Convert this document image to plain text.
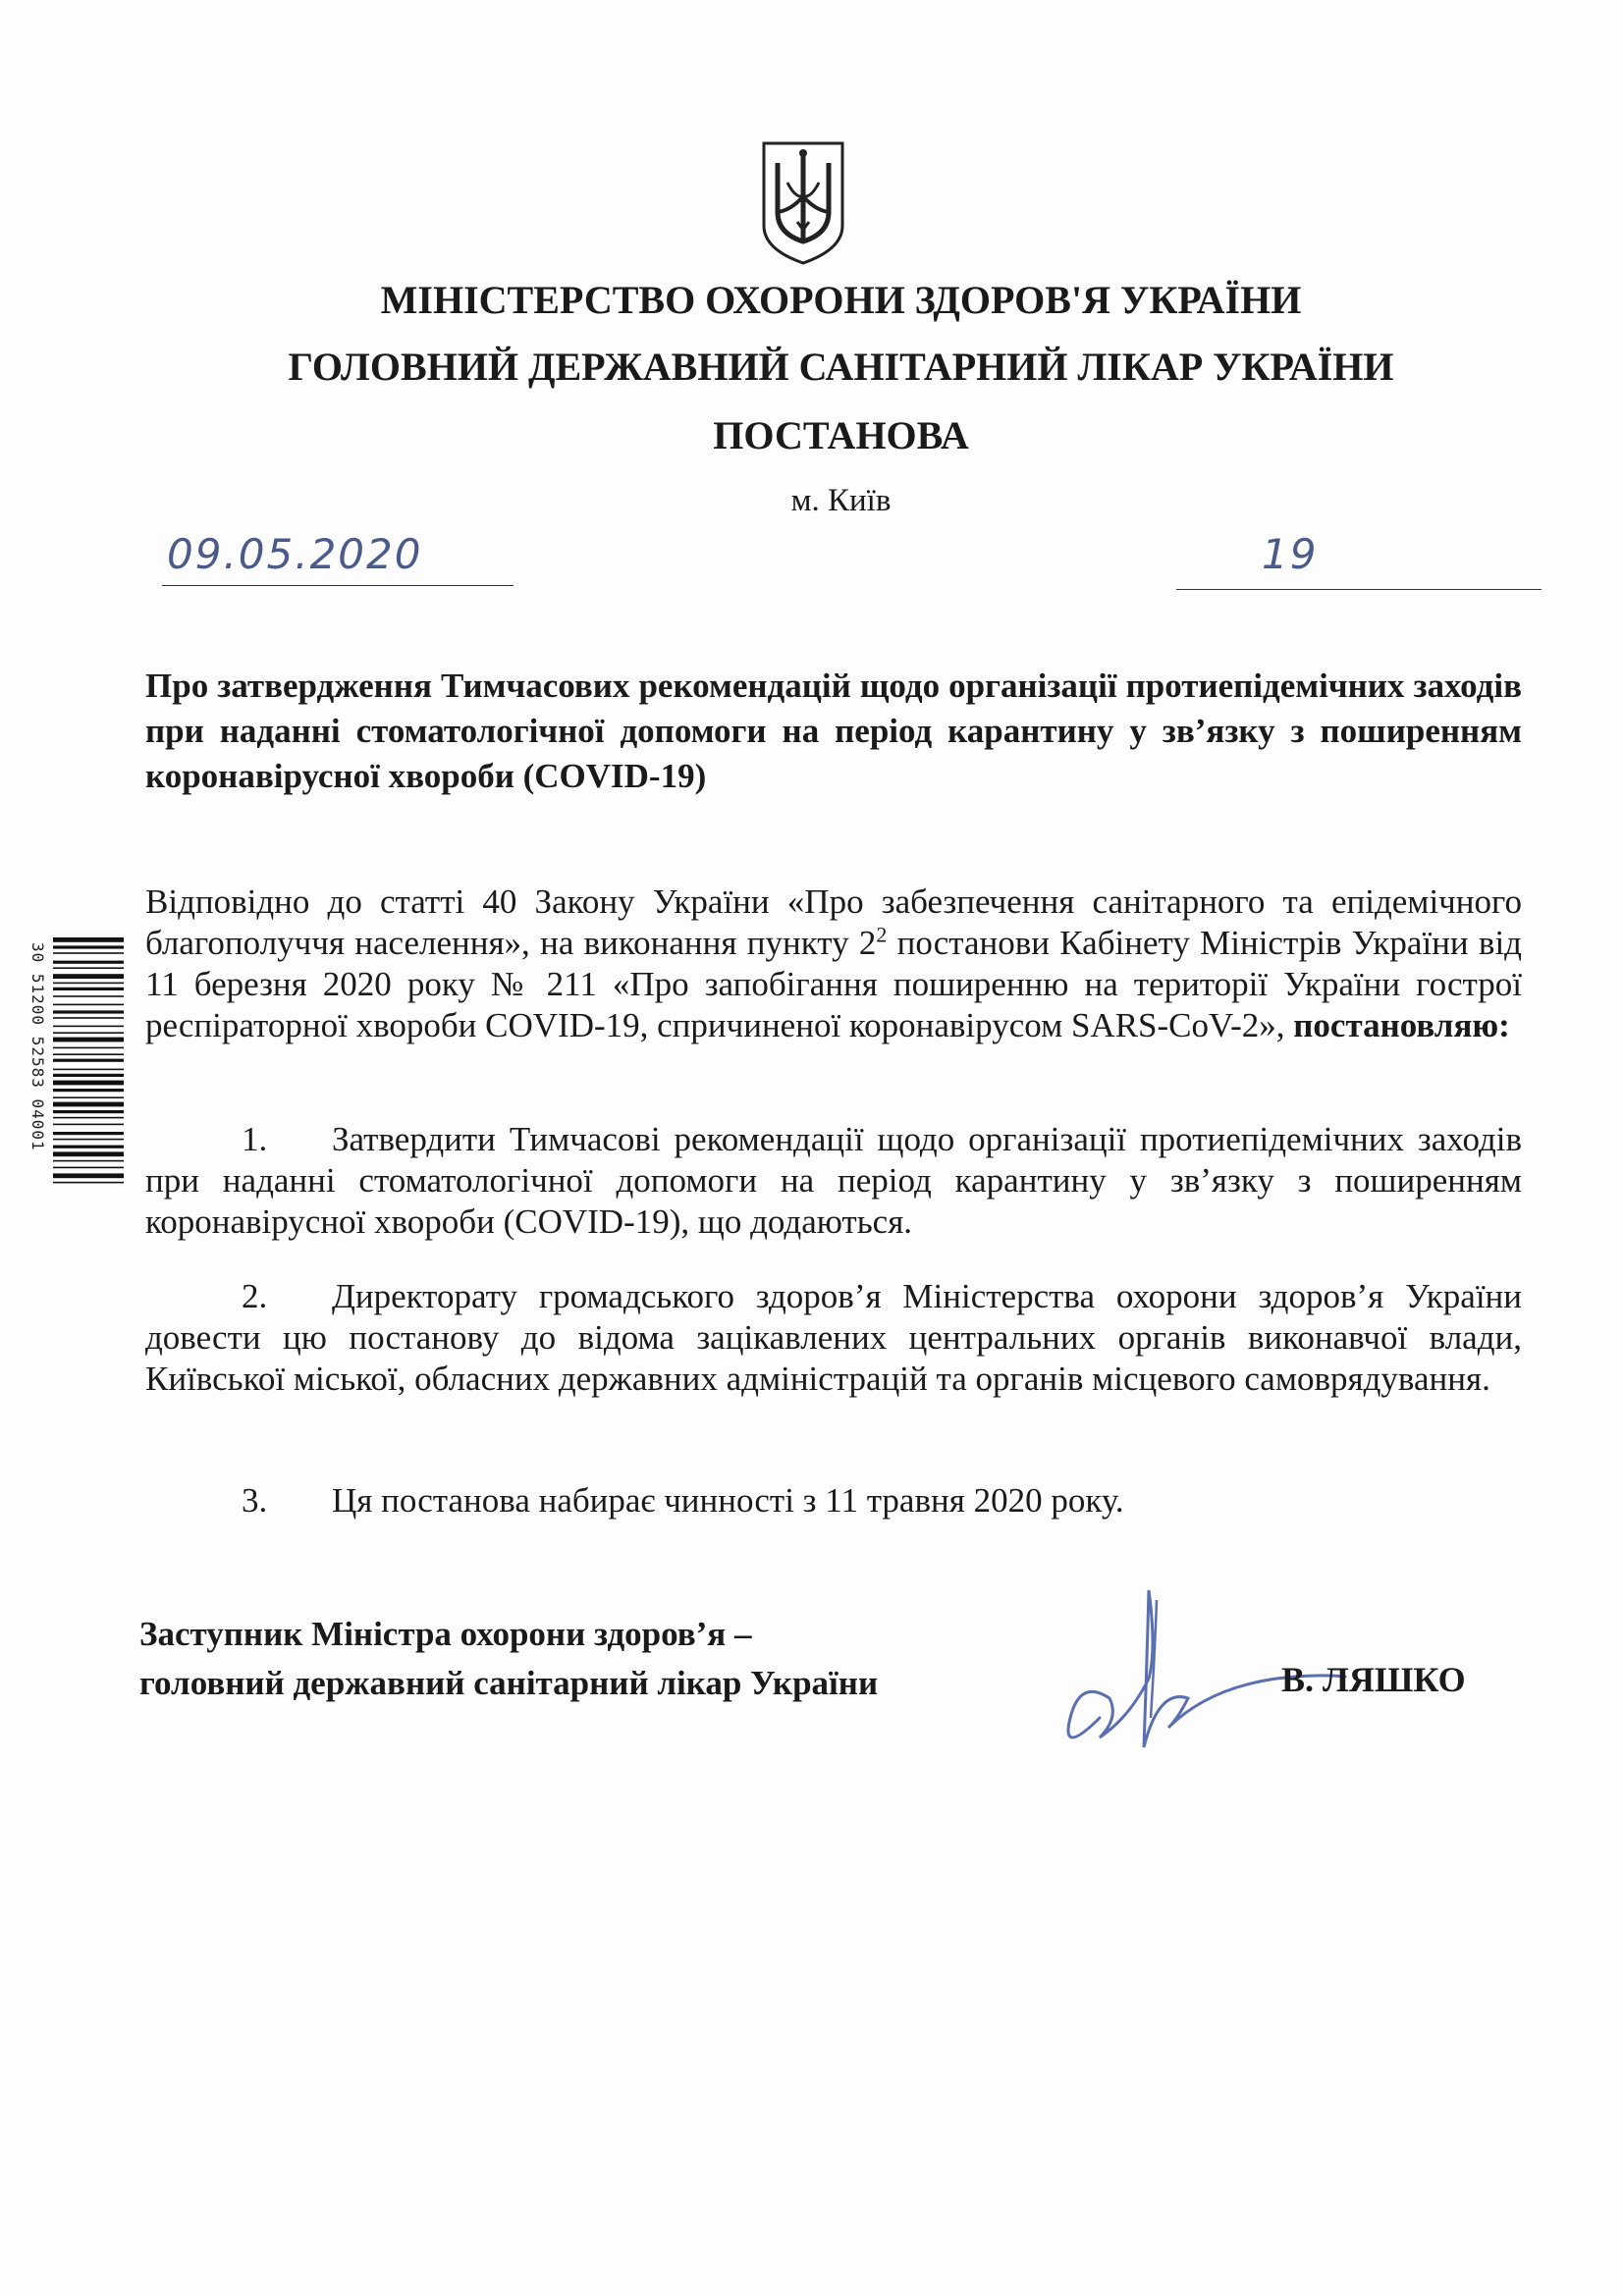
МІНІСТЕРСТВО ОХОРОНИ ЗДОРОВ'Я УКРАЇНИ
ГОЛОВНИЙ ДЕРЖАВНИЙ САНІТАРНИЙ ЛІКАР УКРАЇНИ
ПОСТАНОВА
м. Київ
09.05.2020	19
Про затвердження Тимчасових рекомендацій щодо організації протиепідемічних заходів при наданні стоматологічної допомоги на період карантину у зв’язку з поширенням коронавірусної хвороби (COVID-19)
30 51200 52583 04001

Відповідно до статті 40 Закону України «Про забезпечення санітарного та епідемічного благополуччя населення», на виконання пункту $2^2$ постанови Кабінету Міністрів України від 11 березня 2020 року № 211 «Про запобігання поширенню на території України гострої респіраторної хвороби COVID-19, спричиненої коронавірусом SARS-CoV-2», постановляю:

1. Затвердити Тимчасові рекомендації щодо організації протиепідемічних заходів при наданні стоматологічної допомоги на період карантину у зв’язку з поширенням коронавірусної хвороби (COVID-19), що додаються.

2. Директорату громадського здоров’я Міністерства охорони здоров’я України довести цю постанову до відома зацікавлених центральних органів виконавчої влади, Київської міської, обласних державних адміністрацій та органів місцевого самоврядування.

3. Ця постанова набирає чинності з 11 травня 2020 року.

Заступник Міністра охорони здоров’я –
головний державний санітарний лікар України	В. ЛЯШКО
